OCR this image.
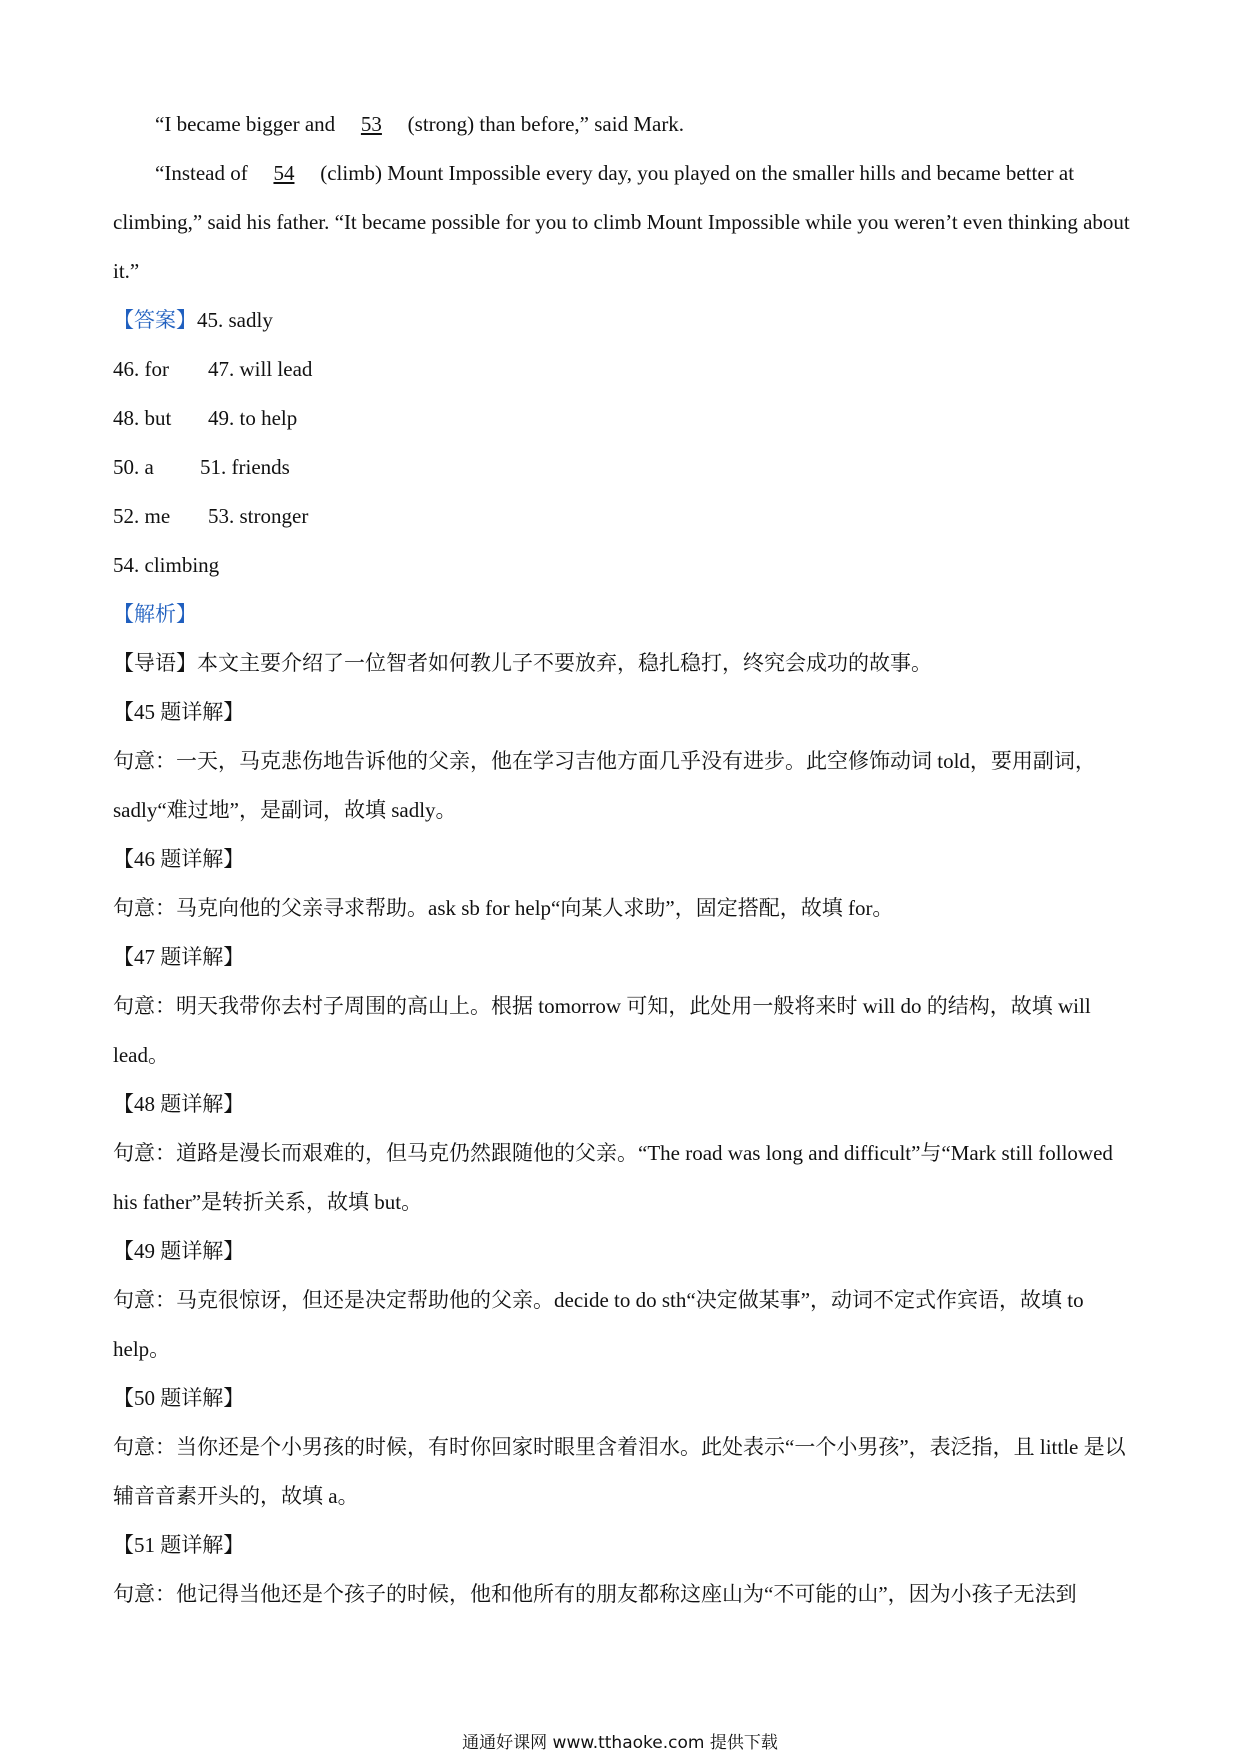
“I became bigger and 53 (strong) than before,” said Mark.

“Instead of 54 (climb) Mount Impossible every day, you played on the smaller hills and became better at climbing,” said his father. “It became possible for you to climb Mount Impossible while you weren’t even thinking about it.”

【答案】45. sadly
46. for 47. will lead
48. but 49. to help
50. a 51. friends
52. me 53. stronger
54. climbing
【解析】
【导语】本文主要介绍了一位智者如何教儿子不要放弃，稳扎稳打，终究会成功的故事。
【45 题详解】

句意：一天，马克悲伤地告诉他的父亲，他在学习吉他方面几乎没有进步。此空修饰动词 told，要用副词，sadly“难过地”，是副词，故填 sadly。

【46 题详解】

句意：马克向他的父亲寻求帮助。ask sb for help“向某人求助”，固定搭配，故填 for。

【47 题详解】

句意：明天我带你去村子周围的高山上。根据 tomorrow 可知，此处用一般将来时 will do 的结构，故填 will lead。

【48 题详解】

句意：道路是漫长而艰难的，但马克仍然跟随他的父亲。“The road was long and difficult”与“Mark still followed his father”是转折关系，故填 but。

【49 题详解】

句意：马克很惊讶，但还是决定帮助他的父亲。decide to do sth“决定做某事”，动词不定式作宾语，故填 to help。

【50 题详解】

句意：当你还是个小男孩的时候，有时你回家时眼里含着泪水。此处表示“一个小男孩”，表泛指，且 little 是以辅音音素开头的，故填 a。

【51 题详解】

句意：他记得当他还是个孩子的时候，他和他所有的朋友都称这座山为“不可能的山”，因为小孩子无法到

通通好课网 www.tthaoke.com 提供下载
